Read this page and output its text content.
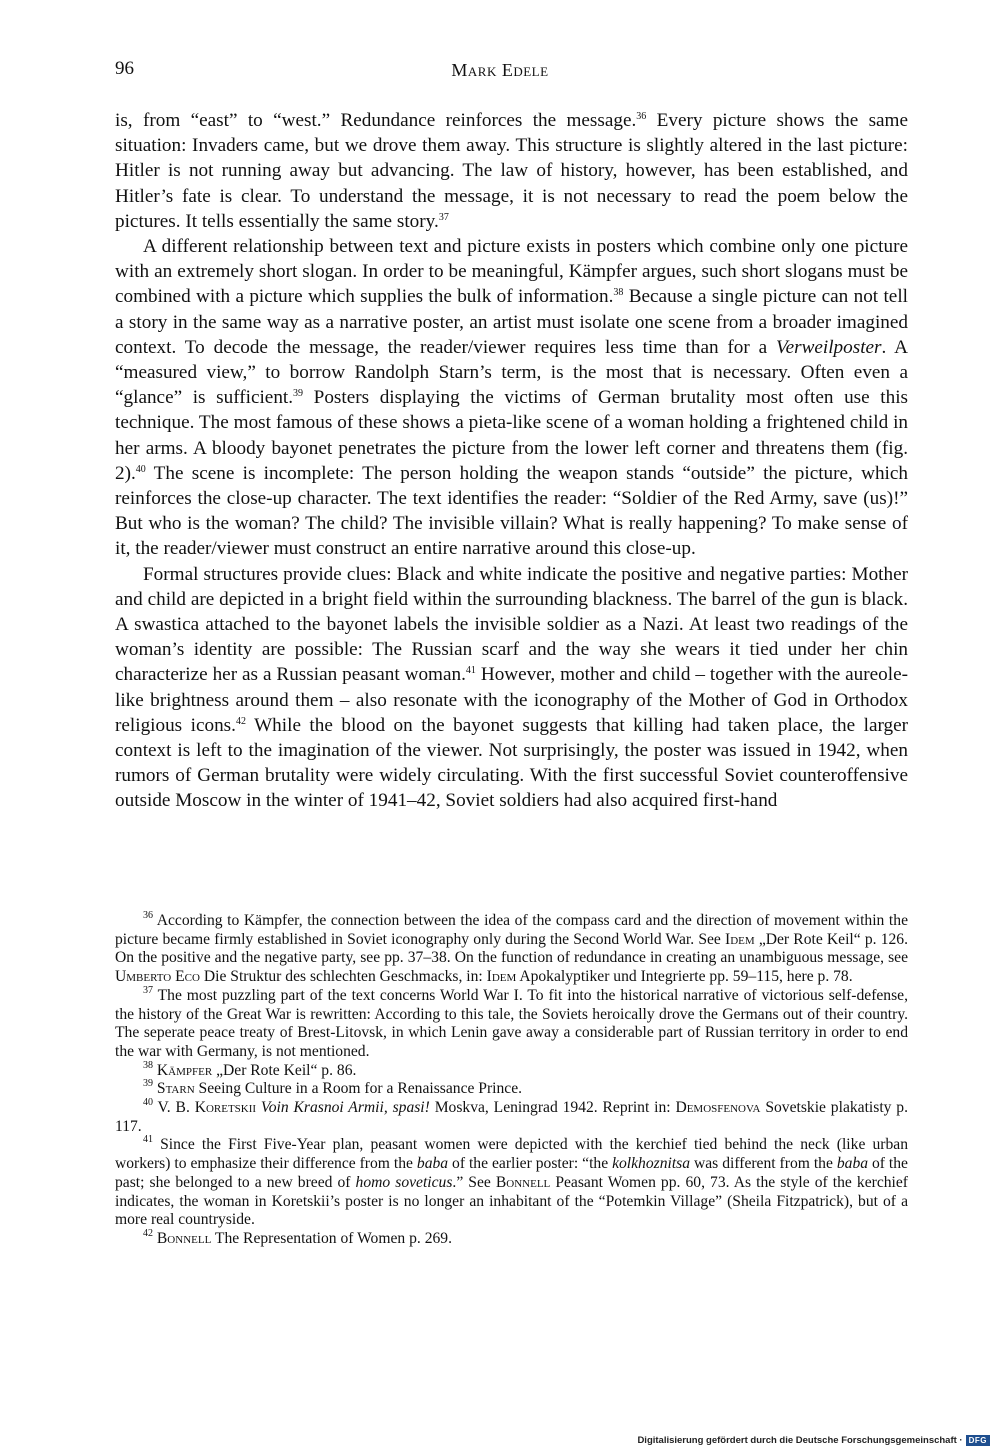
96	Mark Edele

is, from “east” to “west.” Redundance reinforces the message.$^{36}$ Every picture shows the same situation: Invaders came, but we drove them away. This structure is slightly altered in the last picture: Hitler is not running away but advancing. The law of history, however, has been established, and Hitler’s fate is clear. To understand the message, it is not necessary to read the poem below the pictures. It tells essentially the same story.$^{37}$

A different relationship between text and picture exists in posters which combine only one picture with an extremely short slogan. In order to be meaningful, Kämpfer argues, such short slogans must be combined with a picture which supplies the bulk of information.$^{38}$ Because a single picture can not tell a story in the same way as a narrative poster, an artist must isolate one scene from a broader imagined context. To decode the message, the reader/viewer requires less time than for a Verweilposter. A “measured view,” to borrow Randolph Starn’s term, is the most that is necessary. Often even a “glance” is sufficient.$^{39}$ Posters displaying the victims of German brutality most often use this technique. The most famous of these shows a pieta-like scene of a woman holding a frightened child in her arms. A bloody bayonet penetrates the picture from the lower left corner and threatens them (fig. 2).$^{40}$ The scene is incomplete: The person holding the weapon stands “outside” the picture, which reinforces the close-up character. The text identifies the reader: “Soldier of the Red Army, save (us)!” But who is the woman? The child? The invisible villain? What is really happening? To make sense of it, the reader/viewer must construct an entire narrative around this close-up.

Formal structures provide clues: Black and white indicate the positive and negative parties: Mother and child are depicted in a bright field within the surrounding blackness. The barrel of the gun is black. A swastica attached to the bayonet labels the invisible soldier as a Nazi. At least two readings of the woman’s identity are possible: The Russian scarf and the way she wears it tied under her chin characterize her as a Russian peasant woman.$^{41}$ However, mother and child – together with the aureole-like brightness around them – also resonate with the iconography of the Mother of God in Orthodox religious icons.$^{42}$ While the blood on the bayonet suggests that killing had taken place, the larger context is left to the imagination of the viewer. Not surprisingly, the poster was issued in 1942, when rumors of German brutality were widely circulating. With the first successful Soviet counteroffensive outside Moscow in the winter of 1941–42, Soviet soldiers had also acquired first-hand

$^{36}$ According to Kämpfer, the connection between the idea of the compass card and the direction of movement within the picture became firmly established in Soviet iconography only during the Second World War. See Idem „Der Rote Keil“ p. 126. On the positive and the negative party, see pp. 37–38. On the function of redundance in creating an unambiguous message, see Umberto Eco Die Struktur des schlechten Geschmacks, in: Idem Apokalyptiker und Integrierte pp. 59–115, here p. 78.

$^{37}$ The most puzzling part of the text concerns World War I. To fit into the historical narrative of victorious self-defense, the history of the Great War is rewritten: According to this tale, the Soviets heroically drove the Germans out of their country. The seperate peace treaty of Brest-Litovsk, in which Lenin gave away a considerable part of Russian territory in order to end the war with Germany, is not mentioned.

$^{38}$ Kämpfer „Der Rote Keil“ p. 86.

$^{39}$ Starn Seeing Culture in a Room for a Renaissance Prince.

$^{40}$ V. B. Koretskii Voin Krasnoi Armii, spasi! Moskva, Leningrad 1942. Reprint in: Demosfenova Sovetskie plakatisty p. 117.

$^{41}$ Since the First Five-Year plan, peasant women were depicted with the kerchief tied behind the neck (like urban workers) to emphasize their difference from the baba of the earlier poster: “the kolkhoznitsa was different from the baba of the past; she belonged to a new breed of homo soveticus.” See Bonnell Peasant Women pp. 60, 73. As the style of the kerchief indicates, the woman in Koretskii’s poster is no longer an inhabitant of the “Potemkin Village” (Sheila Fitzpatrick), but of a more real countryside.

$^{42}$ Bonnell The Representation of Women p. 269.

Digitalisierung gefördert durch die Deutsche Forschungsgemeinschaft · DFG
